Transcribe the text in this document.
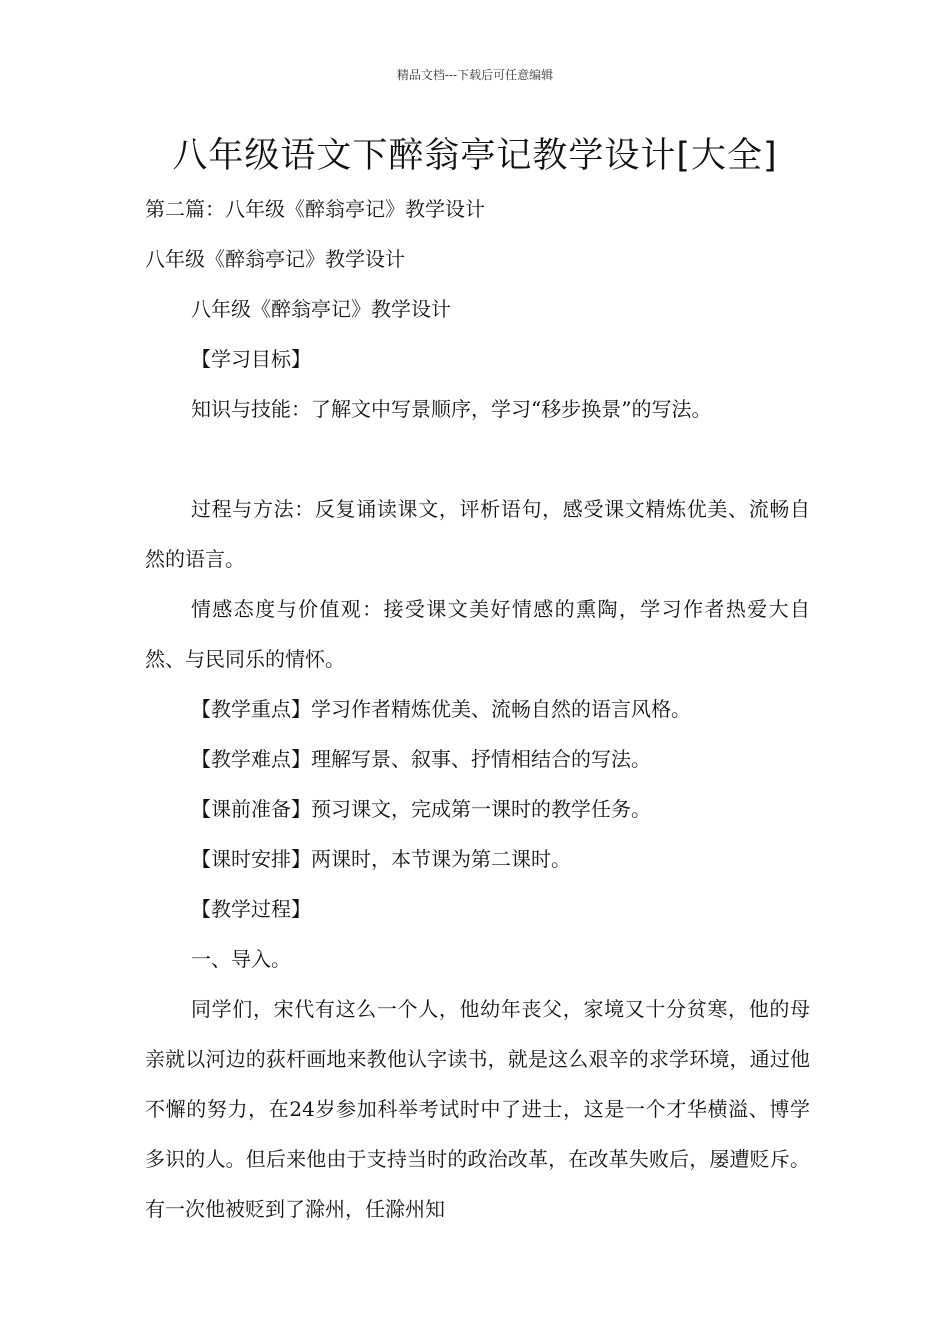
精品文档---下载后可任意编辑
八年级语文下醉翁亭记教学设计[大全]

第二篇：八年级《醉翁亭记》教学设计

八年级《醉翁亭记》教学设计

八年级《醉翁亭记》教学设计

【学习目标】

知识与技能：了解文中写景顺序，学习“移步换景”的写法。

过程与方法：反复诵读课文，评析语句，感受课文精炼优美、流畅自然的语言。

情感态度与价值观：接受课文美好情感的熏陶，学习作者热爱大自然、与民同乐的情怀。

【教学重点】学习作者精炼优美、流畅自然的语言风格。

【教学难点】理解写景、叙事、抒情相结合的写法。

【课前准备】预习课文，完成第一课时的教学任务。

【课时安排】两课时，本节课为第二课时。

【教学过程】

一、导入。

同学们，宋代有这么一个人，他幼年丧父，家境又十分贫寒，他的母亲就以河边的荻杆画地来教他认字读书，就是这么艰辛的求学环境，通过他不懈的努力，在24岁参加科举考试时中了进士，这是一个才华横溢、博学多识的人。但后来他由于支持当时的政治改革，在改革失败后，屡遭贬斥。有一次他被贬到了滁州，任滁州知
